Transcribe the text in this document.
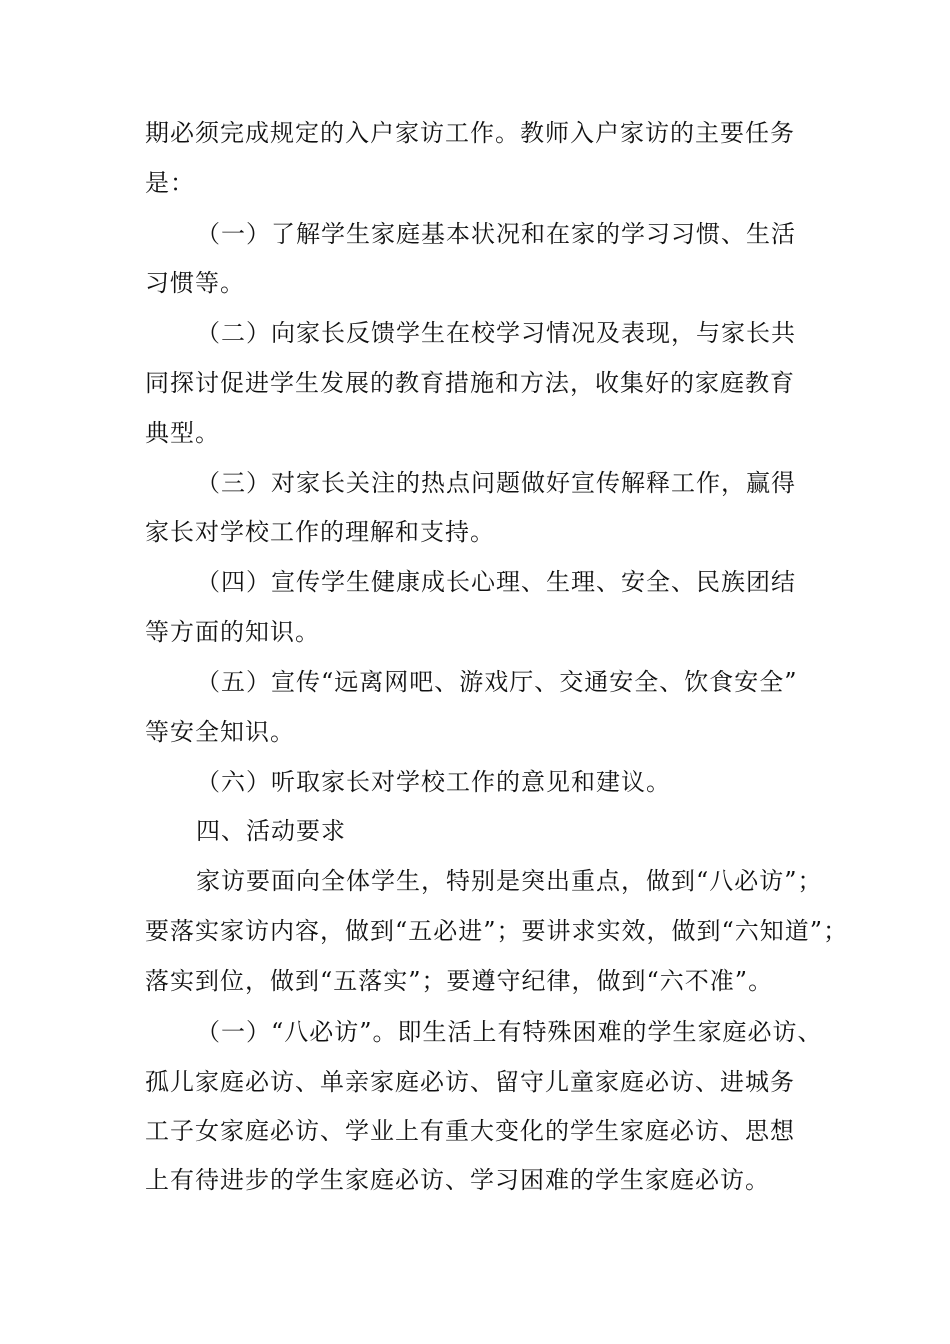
期必须完成规定的入户家访工作。教师入户家访的主要任务
是：
（一）了解学生家庭基本状况和在家的学习习惯、生活
习惯等。
（二）向家长反馈学生在校学习情况及表现，与家长共
同探讨促进学生发展的教育措施和方法，收集好的家庭教育
典型。
（三）对家长关注的热点问题做好宣传解释工作，赢得
家长对学校工作的理解和支持。
（四）宣传学生健康成长心理、生理、安全、民族团结
等方面的知识。
（五）宣传“远离网吧、游戏厅、交通安全、饮食安全”
等安全知识。
（六）听取家长对学校工作的意见和建议。
四、活动要求
家访要面向全体学生，特别是突出重点，做到“八必访”；
要落实家访内容，做到“五必进”；要讲求实效，做到“六知道”；
落实到位，做到“五落实”；要遵守纪律，做到“六不准”。
（一）“八必访”。即生活上有特殊困难的学生家庭必访、
孤儿家庭必访、单亲家庭必访、留守儿童家庭必访、进城务
工子女家庭必访、学业上有重大变化的学生家庭必访、思想
上有待进步的学生家庭必访、学习困难的学生家庭必访。
